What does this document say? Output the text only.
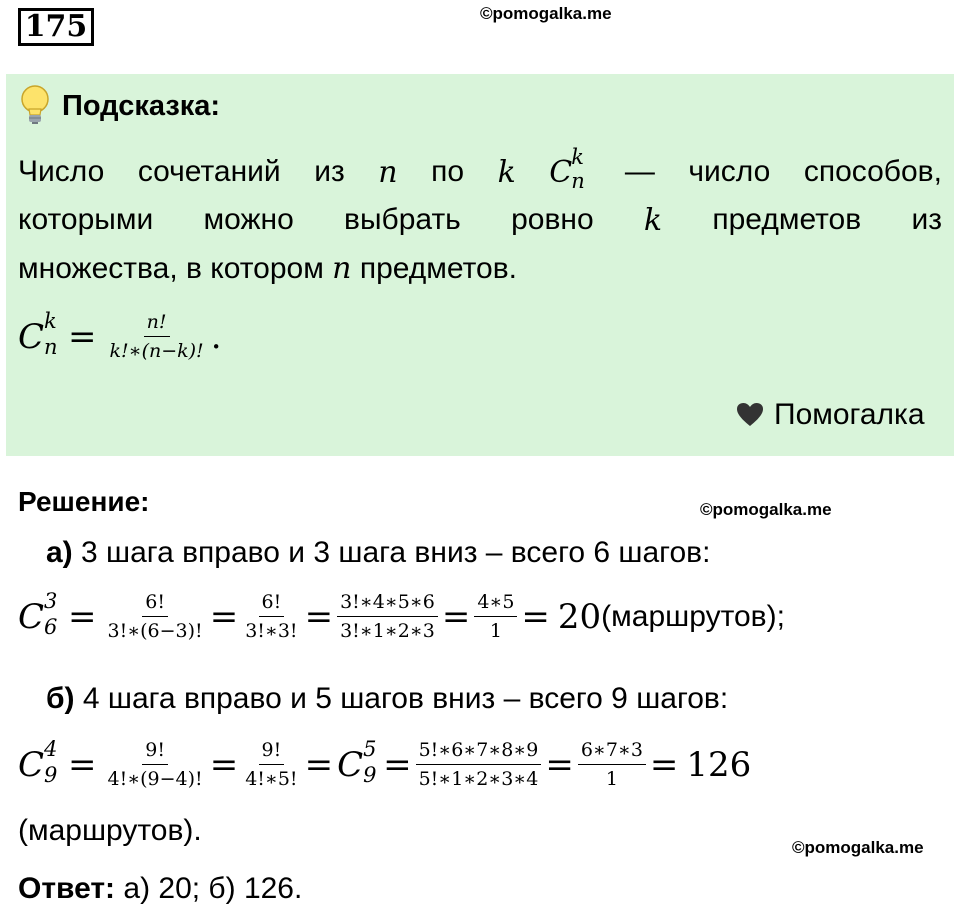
175	©pomogalka.me
Подсказка:
Число сочетаний из n по k C k
n
— число способов,
которыми можно выбрать ровно k предметов из
множества, в котором n предметов.
C k
$n = \frac{n!}{k!∗(n-k)!}$ .
Помогалка
Решение:	©pomogalka.me
а) 3 шага вправо и 3 шага вниз – всего 6 шагов:
C 3
$6 = \frac{6!}{3!∗(6-3)!} = \frac{6!}{3!∗3!} = \frac{3!∗4∗5∗6}{3!∗1∗2∗3} = \frac{4∗5}{1} = 20$ (маршрутов);
б) 4 шага вправо и 5 шагов вниз – всего 9 шагов:
C 4
$9 = \frac{9!}{4!∗(9-4)!} = \frac{9!}{4!∗5!} = C$ 5
$9 = \frac{5!∗6∗7∗8∗9}{5!∗1∗2∗3∗4} = \frac{6∗7∗3}{1} = 126$
(маршрутов).
©pomogalka.me
Ответ: а) 20; б) 126.
